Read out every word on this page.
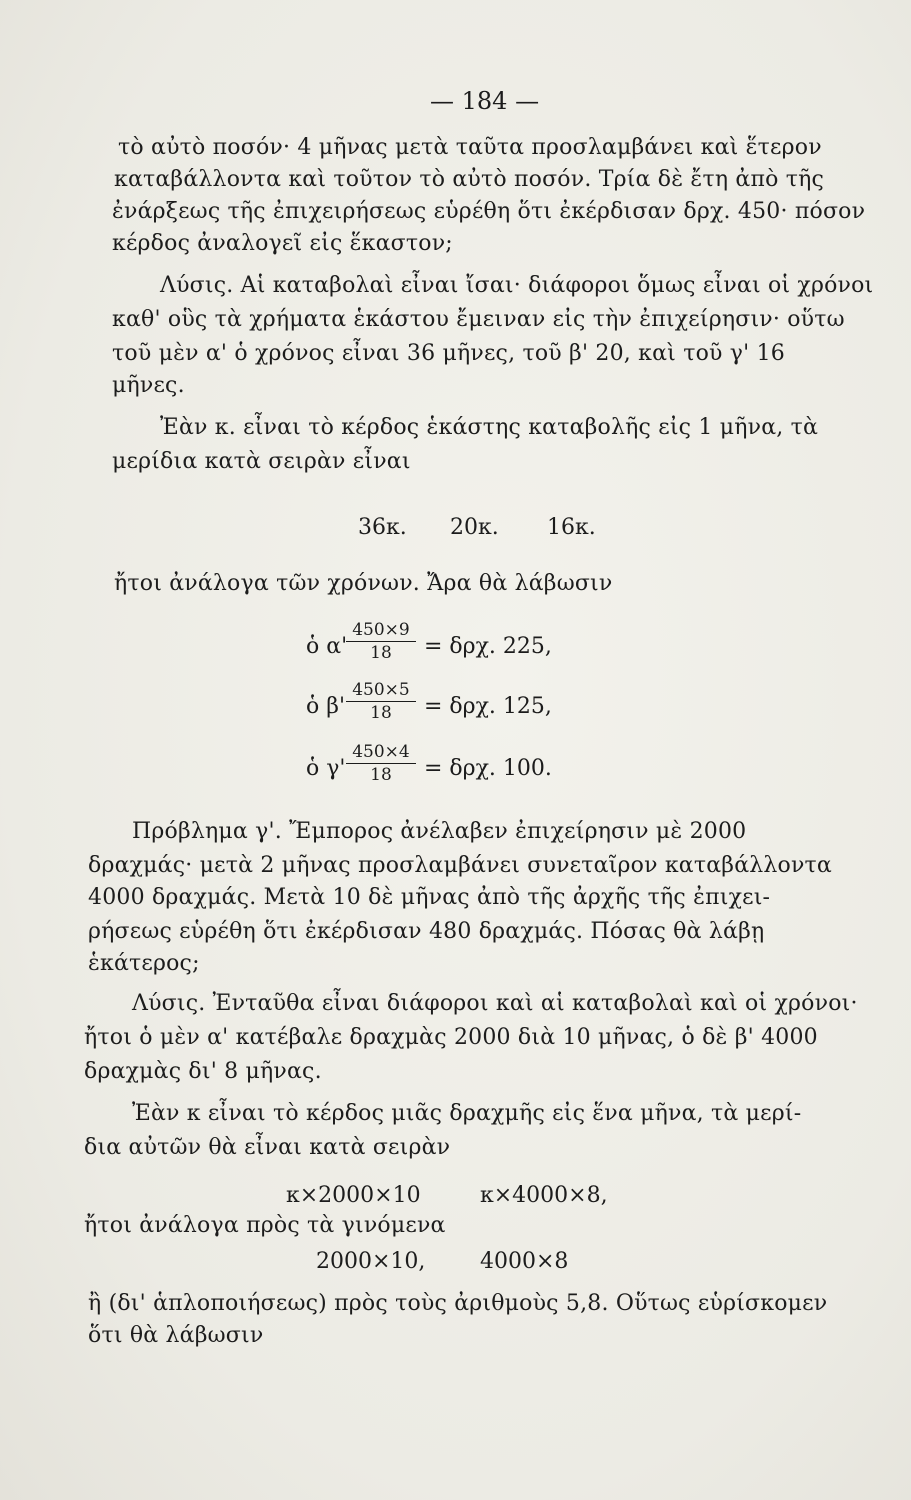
— 184 —
τὸ αὐτὸ ποσόν· 4 μῆνας μετὰ ταῦτα προσλαμβάνει καὶ ἕτερον
καταβάλλοντα καὶ τοῦτον τὸ αὐτὸ ποσόν. Τρία δὲ ἔτη ἀπὸ τῆς
ἐνάρξεως τῆς ἐπιχειρήσεως εὑρέθη ὅτι ἐκέρδισαν δρχ. 450· πόσον
κέρδος ἀναλογεῖ εἰς ἕκαστον;
Λύσις. Αἱ καταβολαὶ εἶναι ἴσαι· διάφοροι ὅμως εἶναι οἱ χρόνοι
καθ' οὓς τὰ χρήματα ἑκάστου ἔμειναν εἰς τὴν ἐπιχείρησιν· οὕτω
τοῦ μὲν α' ὁ χρόνος εἶναι 36 μῆνες, τοῦ β' 20, καὶ τοῦ γ' 16
μῆνες.
Ἐὰν κ. εἶναι τὸ κέρδος ἑκάστης καταβολῆς εἰς 1 μῆνα, τὰ
μερίδια κατὰ σειρὰν εἶναι
36κ. 20κ. 16κ.
ἤτοι ἀνάλογα τῶν χρόνων. Ἄρα θὰ λάβωσιν
ὁ α'
$\frac{450\times 9}{18} = \delta\rho\chi$. 225,
ὁ $\beta' \frac{450\times 5}{18} = \delta\rho\chi$. 125,
ὁ $\gamma' \frac{450\times 4}{18} = \delta\rho\chi$. 100.
Πρόβλημα γ'. Ἔμπορος ἀνέλαβεν ἐπιχείρησιν μὲ 2000
δραχμάς· μετὰ 2 μῆνας προσλαμβάνει συνεταῖρον καταβάλλοντα
4000 δραχμάς. Μετὰ 10 δὲ μῆνας ἀπὸ τῆς ἀρχῆς τῆς ἐπιχει-
ρήσεως εὑρέθη ὅτι ἐκέρδισαν 480 δραχμάς. Πόσας θὰ λάβῃ
ἑκάτερος;
Λύσις. Ἐνταῦθα εἶναι διάφοροι καὶ αἱ καταβολαὶ καὶ οἱ χρόνοι·
ἤτοι ὁ μὲν α' κατέβαλε δραχμὰς 2000 διὰ 10 μῆνας, ὁ δὲ β' 4000
δραχμὰς δι' 8 μῆνας.
Ἐὰν κ εἶναι τὸ κέρδος μιᾶς δραχμῆς εἰς ἕνα μῆνα, τὰ μερί-
δια αὐτῶν θὰ εἶναι κατὰ σειρὰν
κ×2000×10	κ×4000×8,
ἤτοι ἀνάλογα πρὸς τὰ γινόμενα
2000×10, 4000×8
ἢ (δι' ἁπλοποιήσεως) πρὸς τοὺς ἀριθμοὺς 5,8. Οὕτως εὑρίσκομεν
ὅτι θὰ λάβωσιν
